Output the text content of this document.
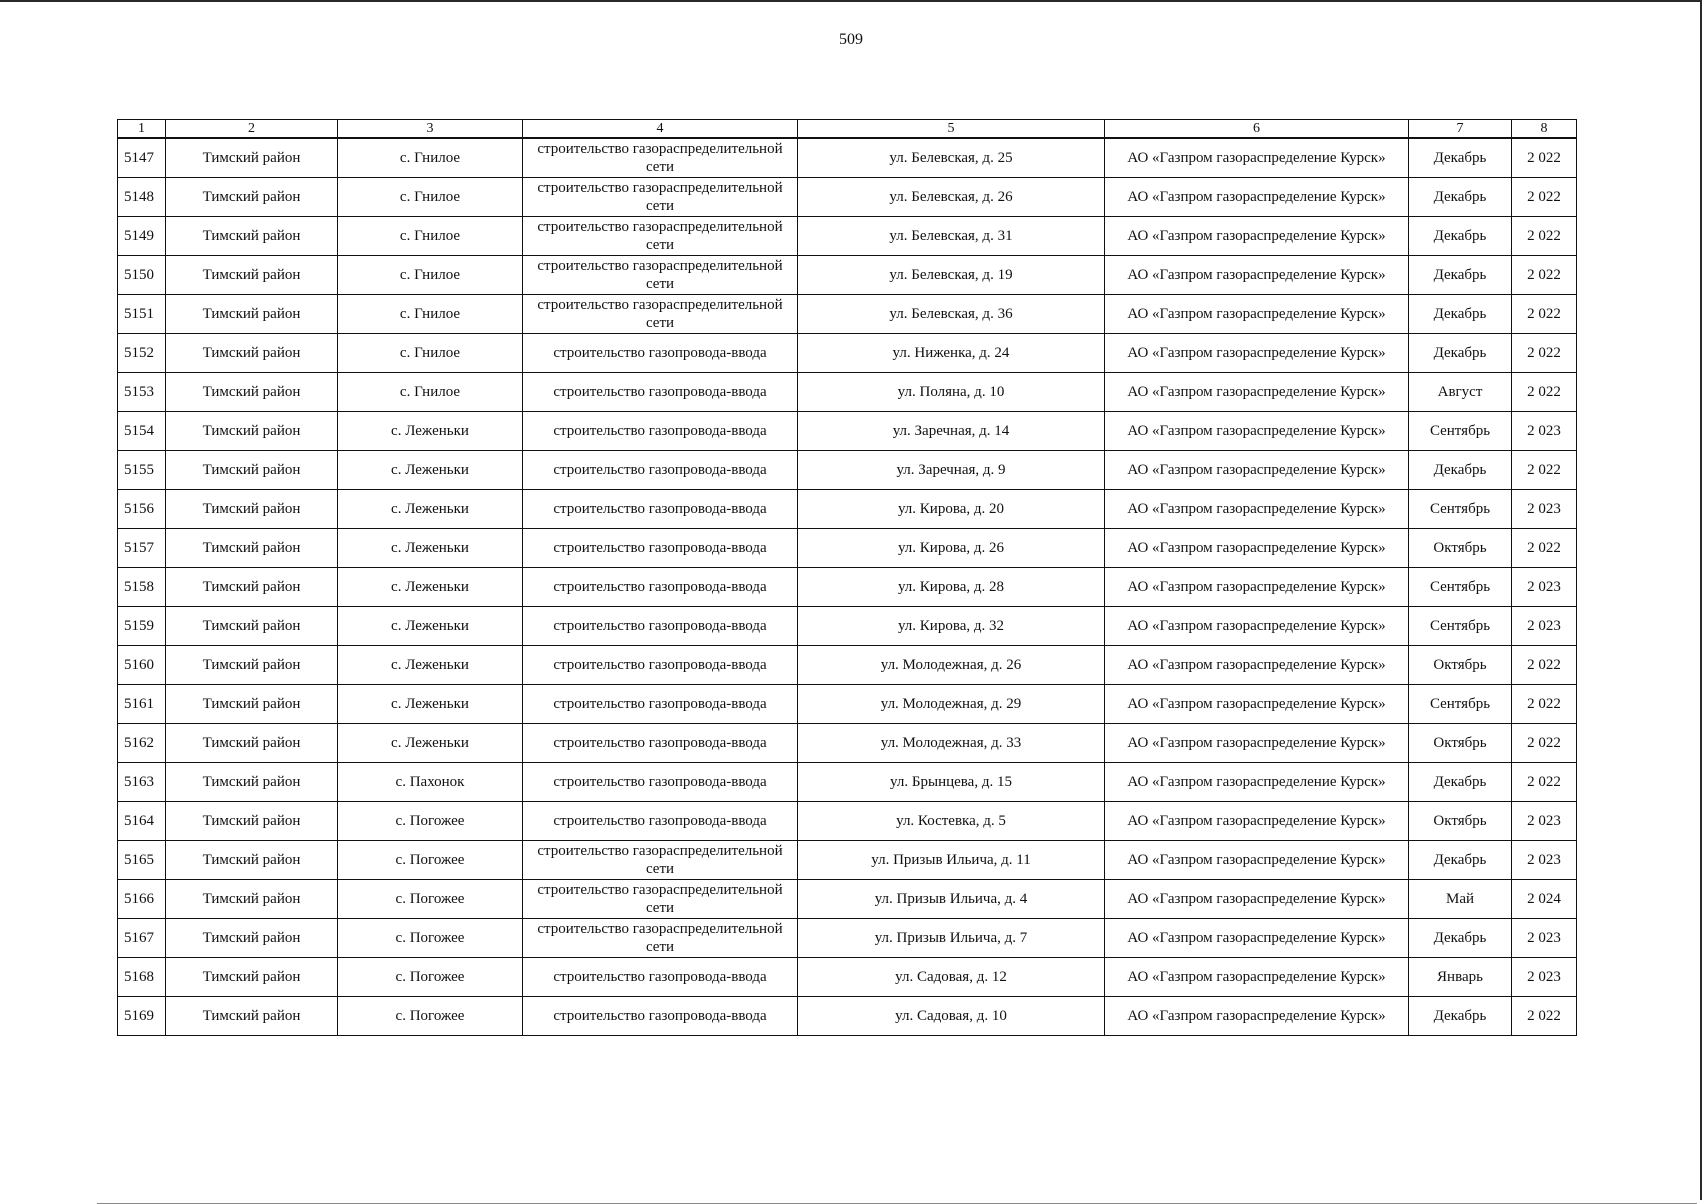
509
1	2	3	4	5	6	7	8
5147	Тимский район	с. Гнилое	строительство газораспределительной сети	ул. Белевская, д. 25	АО «Газпром газораспределение Курск»	Декабрь	2 022
5148	Тимский район	с. Гнилое	строительство газораспределительной сети	ул. Белевская, д. 26	АО «Газпром газораспределение Курск»	Декабрь	2 022
5149	Тимский район	с. Гнилое	строительство газораспределительной сети	ул. Белевская, д. 31	АО «Газпром газораспределение Курск»	Декабрь	2 022
5150	Тимский район	с. Гнилое	строительство газораспределительной сети	ул. Белевская, д. 19	АО «Газпром газораспределение Курск»	Декабрь	2 022
5151	Тимский район	с. Гнилое	строительство газораспределительной сети	ул. Белевская, д. 36	АО «Газпром газораспределение Курск»	Декабрь	2 022
5152	Тимский район	с. Гнилое	строительство газопровода-ввода	ул. Ниженка, д. 24	АО «Газпром газораспределение Курск»	Декабрь	2 022
5153	Тимский район	с. Гнилое	строительство газопровода-ввода	ул. Поляна, д. 10	АО «Газпром газораспределение Курск»	Август	2 022
5154	Тимский район	с. Леженьки	строительство газопровода-ввода	ул. Заречная, д. 14	АО «Газпром газораспределение Курск»	Сентябрь	2 023
5155	Тимский район	с. Леженьки	строительство газопровода-ввода	ул. Заречная, д. 9	АО «Газпром газораспределение Курск»	Декабрь	2 022
5156	Тимский район	с. Леженьки	строительство газопровода-ввода	ул. Кирова, д. 20	АО «Газпром газораспределение Курск»	Сентябрь	2 023
5157	Тимский район	с. Леженьки	строительство газопровода-ввода	ул. Кирова, д. 26	АО «Газпром газораспределение Курск»	Октябрь	2 022
5158	Тимский район	с. Леженьки	строительство газопровода-ввода	ул. Кирова, д. 28	АО «Газпром газораспределение Курск»	Сентябрь	2 023
5159	Тимский район	с. Леженьки	строительство газопровода-ввода	ул. Кирова, д. 32	АО «Газпром газораспределение Курск»	Сентябрь	2 023
5160	Тимский район	с. Леженьки	строительство газопровода-ввода	ул. Молодежная, д. 26	АО «Газпром газораспределение Курск»	Октябрь	2 022
5161	Тимский район	с. Леженьки	строительство газопровода-ввода	ул. Молодежная, д. 29	АО «Газпром газораспределение Курск»	Сентябрь	2 022
5162	Тимский район	с. Леженьки	строительство газопровода-ввода	ул. Молодежная, д. 33	АО «Газпром газораспределение Курск»	Октябрь	2 022
5163	Тимский район	с. Пахонок	строительство газопровода-ввода	ул. Брынцева, д. 15	АО «Газпром газораспределение Курск»	Декабрь	2 022
5164	Тимский район	с. Погожее	строительство газопровода-ввода	ул. Костевка, д. 5	АО «Газпром газораспределение Курск»	Октябрь	2 023
5165	Тимский район	с. Погожее	строительство газораспределительной сети	ул. Призыв Ильича, д. 11	АО «Газпром газораспределение Курск»	Декабрь	2 023
5166	Тимский район	с. Погожее	строительство газораспределительной сети	ул. Призыв Ильича, д. 4	АО «Газпром газораспределение Курск»	Май	2 024
5167	Тимский район	с. Погожее	строительство газораспределительной сети	ул. Призыв Ильича, д. 7	АО «Газпром газораспределение Курск»	Декабрь	2 023
5168	Тимский район	с. Погожее	строительство газопровода-ввода	ул. Садовая, д. 12	АО «Газпром газораспределение Курск»	Январь	2 023
5169	Тимский район	с. Погожее	строительство газопровода-ввода	ул. Садовая, д. 10	АО «Газпром газораспределение Курск»	Декабрь	2 022
